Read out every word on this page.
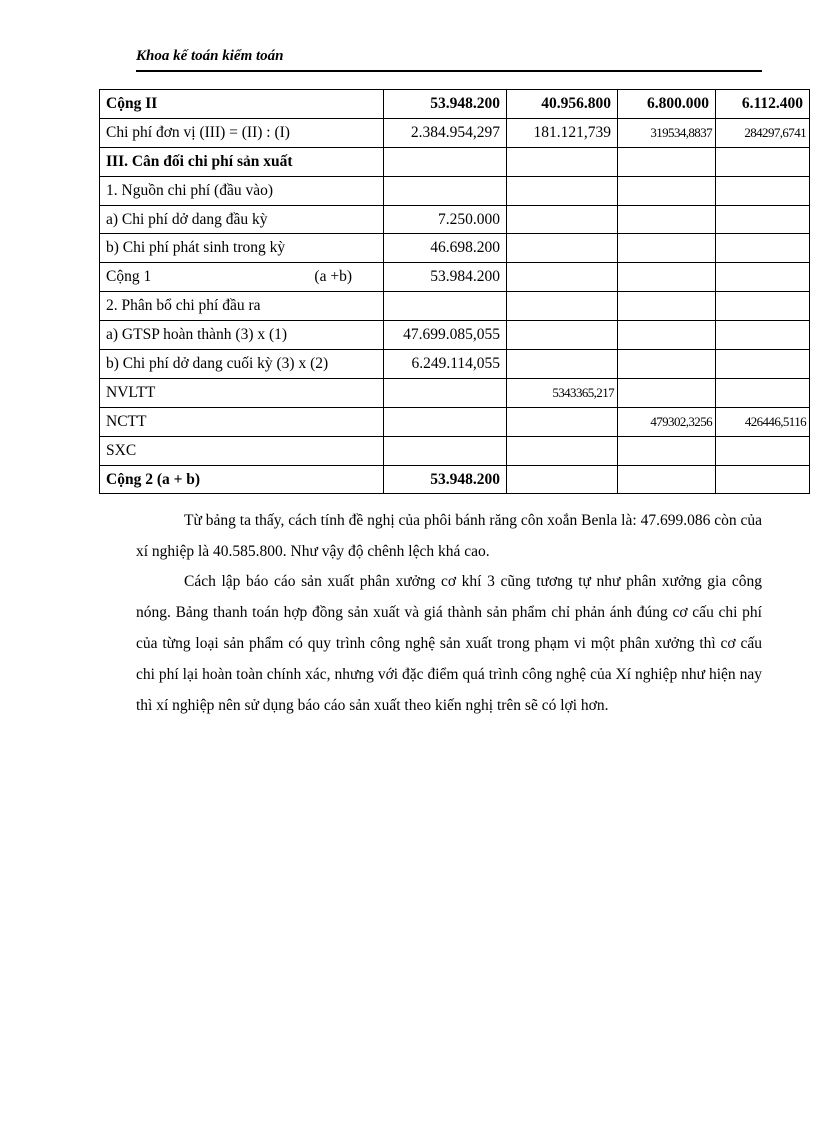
Khoa kế toán kiểm toán
Cộng II	53.948.200	40.956.800	6.800.000	6.112.400
Chi phí đơn vị (III) = (II) : (I)	2.384.954,297	181.121,739	319534,8837	284297,6741
III. Cân đối chi phí sản xuất				
1. Nguồn chi phí (đầu vào)				
a) Chi phí dở dang đầu kỳ	7.250.000			
b) Chi phí phát sinh trong kỳ	46.698.200			

Cộng 1 (a +b)	53.984.200			
2. Phân bổ chi phí đầu ra				
a) GTSP hoàn thành (3) x (1)	47.699.085,055			
b) Chi phí dở dang cuối kỳ (3) x (2)	6.249.114,055			
NVLTT		5343365,217		
NCTT			479302,3256	426446,5116
SXC				
Cộng 2 (a + b)	53.948.200			

Từ bảng ta thấy, cách tính đề nghị của phôi bánh răng côn xoắn Benla là: 47.699.086 còn của xí nghiệp là 40.585.800. Như vậy độ chênh lệch khá cao.

Cách lập báo cáo sản xuất phân xưởng cơ khí 3 cũng tương tự như phân xưởng gia công nóng. Bảng thanh toán hợp đồng sản xuất và giá thành sản phẩm chỉ phản ánh đúng cơ cấu chi phí của từng loại sản phẩm có quy trình công nghệ sản xuất trong phạm vi một phân xưởng thì cơ cấu chi phí lại hoàn toàn chính xác, nhưng với đặc điểm quá trình công nghệ của Xí nghiệp như hiện nay thì xí nghiệp nên sử dụng báo cáo sản xuất theo kiến nghị trên sẽ có lợi hơn.
